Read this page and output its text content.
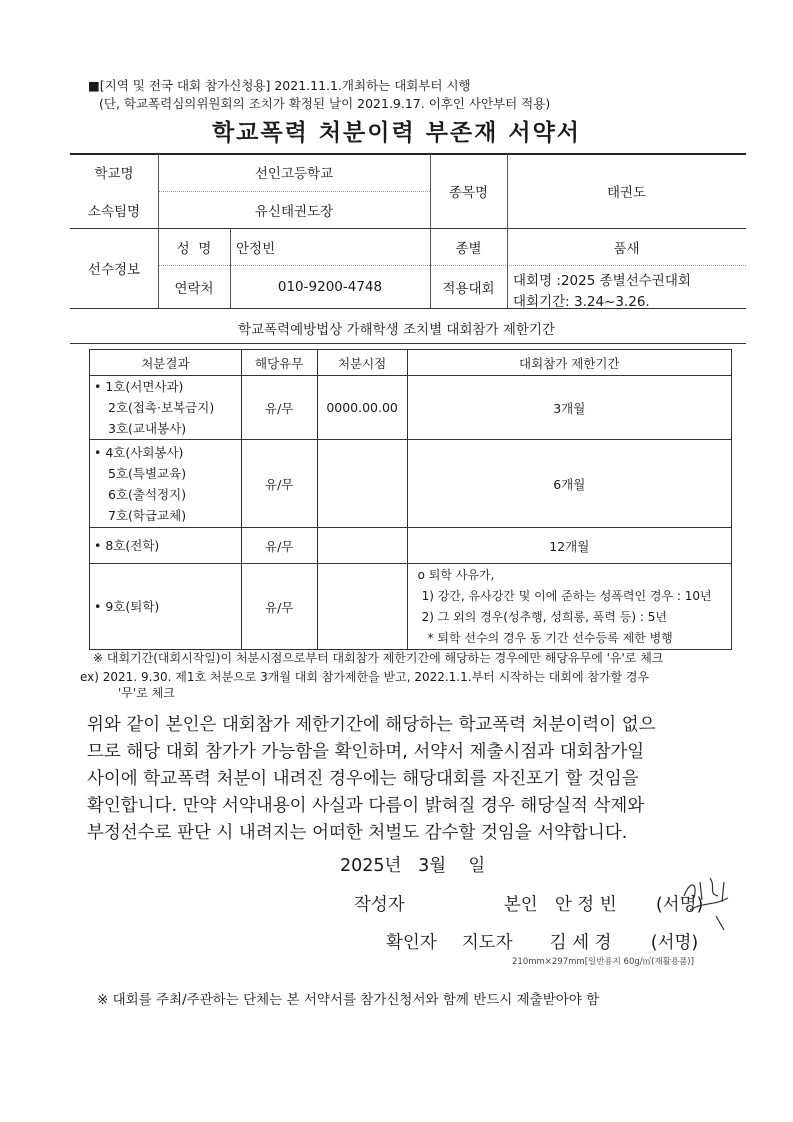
■[지역 및 전국 대회 참가신청용] 2021.11.1.개최하는 대회부터 시행
(단, 학교폭력심의위원회의 조치가 확정된 날이 2021.9.17. 이후인 사안부터 적용)
학교폭력 처분이력 부존재 서약서
학교명	선인고등학교
소속팀명	유신태권도장
종목명	태권도
선수정보
성  명	안정빈	종별	품새
연락처	010-9200-4748	적용대회	대회명 :2025 종별선수권대회
대회기간: 3.24~3.26.
학교폭력예방법상 가해학생 조치별 대회참가 제한기간
처분결과	해당유무	처분시점	대회참가 제한기간

• 1호(서면사과)
2호(접촉·보복금지)
3호(교내봉사)	유/무	0000.00.00	3개월

• 4호(사회봉사)
5호(특별교육)
6호(출석정지)
7호(학급교체)	유/무		6개월

• 8호(전학)	유/무		12개월

• 9호(퇴학)	유/무		o 퇴학 사유가,
1) 강간, 유사강간 및 이에 준하는 성폭력인 경우 : 10년
2) 그 외의 경우(성추행, 성희롱, 폭력 등) : 5년
* 퇴학 선수의 경우 동 기간 선수등록 제한 병행
※ 대회기간(대회시작일)이 처분시점으로부터 대회참가 제한기간에 해당하는 경우에만 해당유무에 '유'로 체크
ex) 2021. 9.30. 제1호 처분으로 3개월 대회 참가제한을 받고, 2022.1.1.부터 시작하는 대회에 참가할 경우
'무'로 체크
위와 같이 본인은 대회참가 제한기간에 해당하는 학교폭력 처분이력이 없으
므로 해당 대회 참가가 가능함을 확인하며, 서약서 제출시점과 대회참가일
사이에 학교폭력 처분이 내려진 경우에는 해당대회를 자진포기 할 것임을
확인합니다. 만약 서약내용이 사실과 다름이 밝혀질 경우 해당실적 삭제와
부정선수로 판단 시 내려지는 어떠한 처벌도 감수할 것임을 서약합니다.
2025년   3월    일
작성자	본인 안 정 빈 (서명)
확인자 지도자 김 세 경 (서명)
210mm×297mm[일반용지 60g/㎡(재활용품)]
※ 대회를 주최/주관하는 단체는 본 서약서를 참가신청서와 함께 반드시 제출받아야 함
